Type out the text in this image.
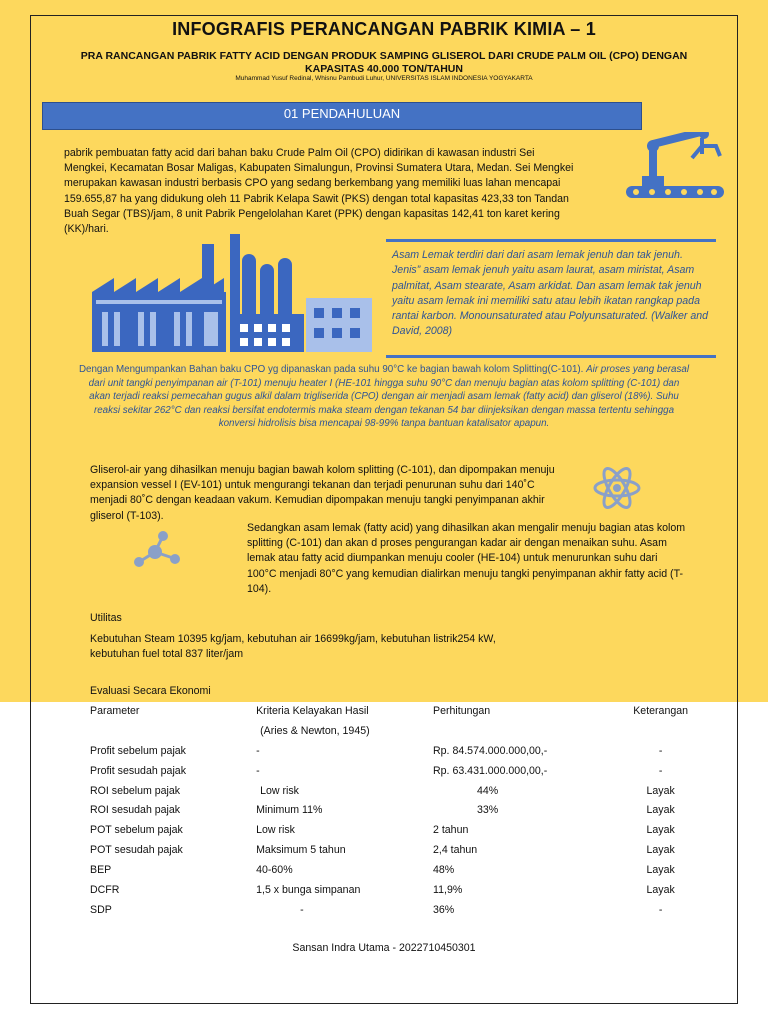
INFOGRAFIS PERANCANGAN PABRIK KIMIA – 1
PRA RANCANGAN PABRIK FATTY ACID DENGAN PRODUK SAMPING GLISEROL DARI CRUDE PALM OIL (CPO) DENGAN KAPASITAS 40.000 TON/TAHUN
Muhammad Yusuf Redinal, Whisnu Pambudi Luhur, UNIVERSITAS ISLAM INDONESIA YOGYAKARTA
01 PENDAHULUAN
pabrik pembuatan fatty acid dari bahan baku Crude Palm Oil (CPO) didirikan di kawasan industri Sei Mengkei, Kecamatan Bosar Maligas, Kabupaten Simalungun, Provinsi Sumatera Utara, Medan. Sei Mengkei merupakan kawasan industri berbasis CPO yang sedang berkembang yang memiliki luas lahan mencapai 159.655,87 ha yang didukung oleh 11 Pabrik Kelapa Sawit (PKS) dengan total kapasitas 423,33 ton Tandan Buah Segar (TBS)/jam, 8 unit Pabrik Pengelolahan Karet (PPK) dengan kapasitas 142,41 ton karet kering (KK)/hari.
Asam Lemak terdiri dari dari asam lemak jenuh dan tak jenuh. Jenis” asam lemak jenuh yaitu asam laurat, asam miristat, Asam palmitat, Asam stearate, Asam arkidat. Dan asam lemak tak jenuh yaitu asam lemak ini memiliki satu atau lebih ikatan rangkap pada rantai karbon. Monounsaturated atau Polyunsaturated. (Walker and David, 2008)
Dengan Mengumpankan Bahan baku CPO yg dipanaskan pada suhu 90°C ke bagian bawah kolom Splitting(C-101). Air proses yang berasal dari unit tangki penyimpanan air (T-101) menuju heater I (HE-101 hingga suhu 90°C dan menuju bagian atas kolom splitting (C-101) dan akan terjadi reaksi pemecahan gugus alkil dalam trigliserida (CPO) dengan air menjadi asam lemak (fatty acid) dan gliserol (18%). Suhu reaksi sekitar 262°C dan reaksi bersifat endotermis maka steam dengan tekanan 54 bar diinjeksikan dengan massa tertentu sehingga konversi hidrolisis bisa mencapai 98-99% tanpa bantuan katalisator apapun.
Gliserol-air yang dihasilkan menuju bagian bawah kolom splitting (C-101), dan dipompakan menuju expansion vessel I (EV-101) untuk mengurangi tekanan dan terjadi penurunan suhu dari 140˚C menjadi 80˚C dengan keadaan vakum. Kemudian dipompakan menuju tangki penyimpanan akhir gliserol (T-103).
Sedangkan asam lemak (fatty acid) yang dihasilkan akan mengalir menuju bagian atas kolom splitting (C-101) dan akan d proses pengurangan kadar air dengan menaikan suhu. Asam lemak atau fatty acid diumpankan menuju cooler (HE-104) untuk menurunkan suhu dari 100°C menjadi 80°C yang kemudian dialirkan menuju tangki penyimpanan akhir fatty acid (T-104).
Utilitas
Kebutuhan Steam 10395 kg/jam, kebutuhan air 16699kg/jam, kebutuhan listrik254 kW, kebutuhan fuel total 837 liter/jam
Evaluasi Secara Ekonomi
Parameter	Kriteria Kelayakan Hasil	Perhitungan	Keterangan
	(Aries & Newton, 1945)		
Profit sebelum pajak	-	Rp. 84.574.000.000,00,-	-
Profit sesudah pajak	-	Rp. 63.431.000.000,00,-	-
ROI sebelum pajak	Low risk	44%	Layak
ROI sesudah pajak	Minimum 11%	33%	Layak
POT sebelum pajak	Low risk	2 tahun	Layak
POT sesudah pajak	Maksimum 5 tahun	2,4 tahun	Layak
BEP	40-60%	48%	Layak
DCFR	1,5 x bunga simpanan	11,9%	Layak
SDP	-	36%	-
Sansan Indra Utama - 2022710450301
